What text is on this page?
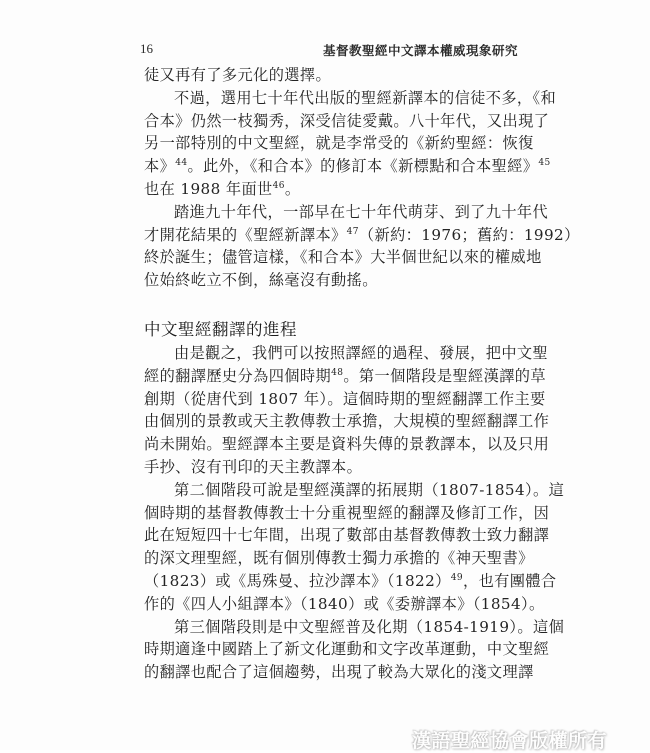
16	基督教聖經中文譯本權威現象研究
徒又再有了多元化的選擇。
不過，選用七十年代出版的聖經新譯本的信徒不多，《和
合本》仍然一枝獨秀，深受信徒愛戴。八十年代，又出現了
另一部特別的中文聖經，就是李常受的《新約聖經：恢復
本》$^{44}$。此外，《和合本》的修訂本《新標點和合本聖經》$^{45}$
也在 1988 年面世$^{46}$。
踏進九十年代，一部早在七十年代萌芽、到了九十年代
才開花結果的《聖經新譯本》$^{47}$（新約：1976；舊約：1992）
終於誕生；儘管這樣，《和合本》大半個世紀以來的權威地
位始終屹立不倒，絲毫沒有動搖。
中文聖經翻譯的進程
由是觀之，我們可以按照譯經的過程、發展，把中文聖
經的翻譯歷史分為四個時期$^{48}$。第一個階段是聖經漢譯的草
創期（從唐代到 1807 年）。這個時期的聖經翻譯工作主要
由個別的景教或天主教傳教士承擔，大規模的聖經翻譯工作
尚未開始。聖經譯本主要是資料失傳的景教譯本，以及只用
手抄、沒有刊印的天主教譯本。
第二個階段可說是聖經漢譯的拓展期（1807-1854）。這
個時期的基督教傳教士十分重視聖經的翻譯及修訂工作，因
此在短短四十七年間，出現了數部由基督教傳教士致力翻譯
的深文理聖經，既有個別傳教士獨力承擔的《神天聖書》
（1823）或《馬殊曼、拉沙譯本》$(1822)^{49}$，也有團體合
作的《四人小組譯本》（1840）或《委辦譯本》（1854）。
第三個階段則是中文聖經普及化期（1854-1919）。這個
時期適逢中國踏上了新文化運動和文字改革運動，中文聖經
的翻譯也配合了這個趨勢，出現了較為大眾化的淺文理譯
漢語聖經協會版權所有
